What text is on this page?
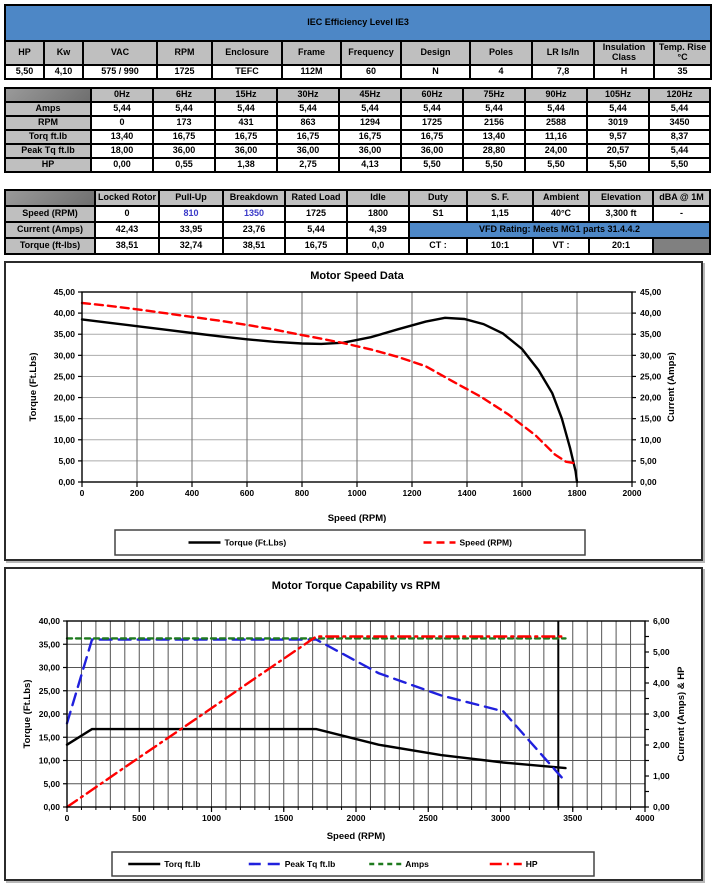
IEC Efficiency Level IE3											
HP	Kw	VAC	RPM	Enclosure	Frame	Frequency	Design	Poles	LR Is/In	Insulation Class	Temp. Rise °C
5,50	4,10	575 / 990	1725	TEFC	112M	60	N	4	7,8	H	35
	0Hz	6Hz	15Hz	30Hz	45Hz	60Hz	75Hz	90Hz	105Hz	120Hz
Amps	5,44	5,44	5,44	5,44	5,44	5,44	5,44	5,44	5,44	5,44
RPM	0	173	431	863	1294	1725	2156	2588	3019	3450
Torq ft.lb	13,40	16,75	16,75	16,75	16,75	16,75	13,40	11,16	9,57	8,37
Peak Tq ft.lb	18,00	36,00	36,00	36,00	36,00	36,00	28,80	24,00	20,57	5,44
HP	0,00	0,55	1,38	2,75	4,13	5,50	5,50	5,50	5,50	5,50
	Locked Rotor	Pull-Up	Breakdown	Rated Load	Idle	Duty	S. F.	Ambient	Elevation	dBA @ 1M
Speed (RPM)	0	810	1350	1725	1800	S1	1,15	40°C	3,300 ft	-
Current (Amps)	42,43	33,95	23,76	5,44	4,39	VFD Rating: Meets MG1 parts 31.4.4.2				
Torque (ft-lbs)	38,51	32,74	38,51	16,75	0,0	CT :	10:1	VT :	20:1	
0,00
5,00
10,00
15,00
20,00
25,00
30,00
35,00
40,00
45,00
0,00
5,00
10,00
15,00
20,00
25,00
30,00
35,00
40,00
45,00
0	200	400	600	800	1000	1200	1400	1600	1800	2000
Motor Speed Data
Speed (RPM)
Torque (Ft.Lbs)	Current (Amps)
Torque (Ft.Lbs)	Speed (RPM)
0,00
5,00
10,00
15,00
20,00
25,00
30,00
35,00
40,00
0,00
1,00
2,00
3,00
4,00
5,00
6,00
0	500	1000	1500	2000	2500	3000	3500	4000
Motor Torque Capability vs RPM
Speed (RPM)
Torque (Ft.Lbs)	Current (Amps) & HP
Torq ft.lb	Peak Tq ft.lb	Amps	HP
